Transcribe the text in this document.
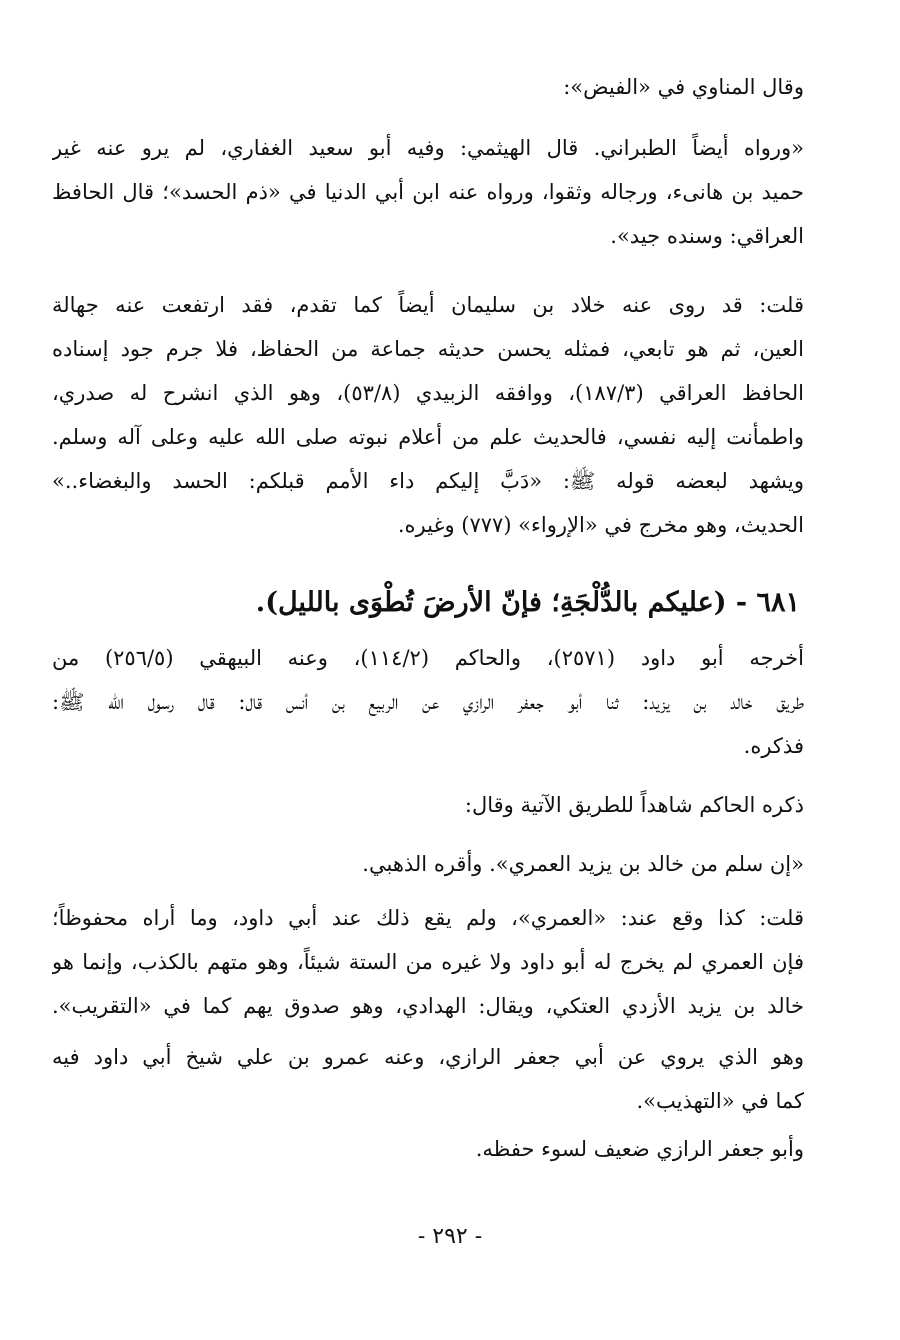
وقال المناوي في «الفيض»:
«ورواه أيضاً الطبراني. قال الهيثمي: وفيه أبو سعيد الغفاري، لم يرو عنه غير
حميد بن هانىء، ورجاله وثقوا، ورواه عنه ابن أبي الدنيا في «ذم الحسد»؛ قال الحافظ
العراقي: وسنده جيد».
قلت: قد روى عنه خلاد بن سليمان أيضاً كما تقدم، فقد ارتفعت عنه جهالة
العين، ثم هو تابعي، فمثله يحسن حديثه جماعة من الحفاظ، فلا جرم جود إسناده
الحافظ العراقي (١٨٧/٣)، ووافقه الزبيدي (٥٣/٨)، وهو الذي انشرح له صدري،
واطمأنت إليه نفسي، فالحديث علم من أعلام نبوته صلى الله عليه وعلى آله وسلم.
ويشهد لبعضه قوله ﷺ: «دَبَّ إليكم داء الأمم قبلكم: الحسد والبغضاء..»
الحديث، وهو مخرج في «الإرواء» (٧٧٧) وغيره.
٦٨١ - (عليكم بالدُّلْجَةِ؛ فإنّ الأرضَ تُطْوَى بالليل).
أخرجه أبو داود (٢٥٧١)، والحاكم (١١٤/٢)، وعنه البيهقي (٢٥٦/٥) من
طريق خالد بن يزيد: ثنا أبو جعفر الرازي عن الربيع بن أنس قال: قال رسول الله ﷺ:
فذكره.
ذكره الحاكم شاهداً للطريق الآتية وقال:
«إن سلم من خالد بن يزيد العمري». وأقره الذهبي.
قلت: كذا وقع عند: «العمري»، ولم يقع ذلك عند أبي داود، وما أراه محفوظاً؛
فإن العمري لم يخرج له أبو داود ولا غيره من الستة شيئاً، وهو متهم بالكذب، وإنما هو
خالد بن يزيد الأزدي العتكي، ويقال: الهدادي، وهو صدوق يهم كما في «التقريب».
وهو الذي يروي عن أبي جعفر الرازي، وعنه عمرو بن علي شيخ أبي داود فيه
كما في «التهذيب».
وأبو جعفر الرازي ضعيف لسوء حفظه.
- ٢٩٢ -
